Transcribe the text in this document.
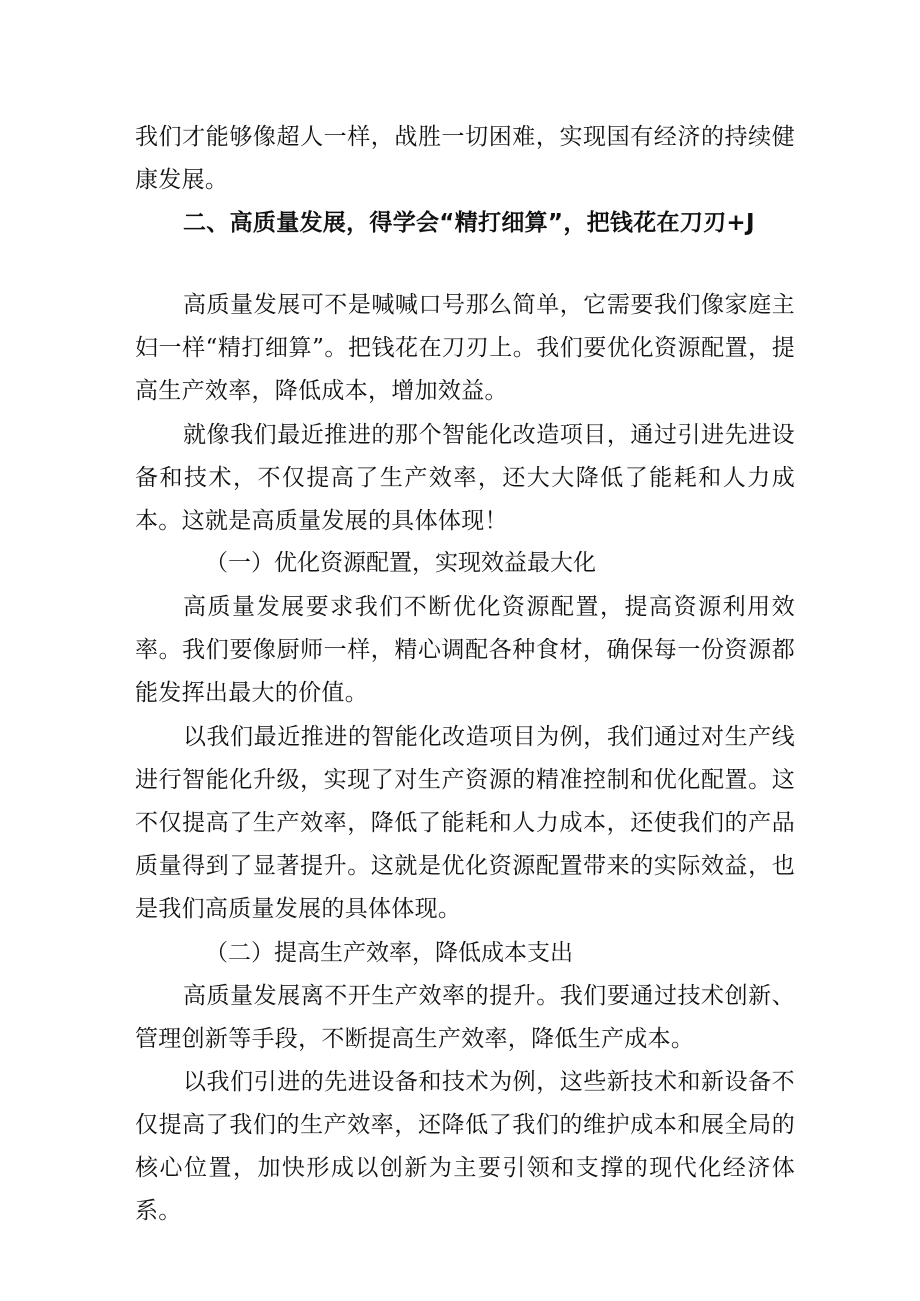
我们才能够像超人一样，战胜一切困难，实现国有经济的持续健康发展。

二、高质量发展，得学会“精打细算”，把钱花在刀刃+J

高质量发展可不是喊喊口号那么简单，它需要我们像家庭主妇一样“精打细算”。把钱花在刀刃上。我们要优化资源配置，提高生产效率，降低成本，增加效益。

就像我们最近推进的那个智能化改造项目，通过引进先进设备和技术，不仅提高了生产效率，还大大降低了能耗和人力成本。这就是高质量发展的具体体现！

（一）优化资源配置，实现效益最大化

高质量发展要求我们不断优化资源配置，提高资源利用效率。我们要像厨师一样，精心调配各种食材，确保每一份资源都能发挥出最大的价值。

以我们最近推进的智能化改造项目为例，我们通过对生产线进行智能化升级，实现了对生产资源的精准控制和优化配置。这不仅提高了生产效率，降低了能耗和人力成本，还使我们的产品质量得到了显著提升。这就是优化资源配置带来的实际效益，也是我们高质量发展的具体体现。

（二）提高生产效率，降低成本支出

高质量发展离不开生产效率的提升。我们要通过技术创新、管理创新等手段，不断提高生产效率，降低生产成本。

以我们引进的先进设备和技术为例，这些新技术和新设备不仅提高了我们的生产效率，还降低了我们的维护成本和展全局的核心位置，加快形成以创新为主要引领和支撑的现代化经济体系。
